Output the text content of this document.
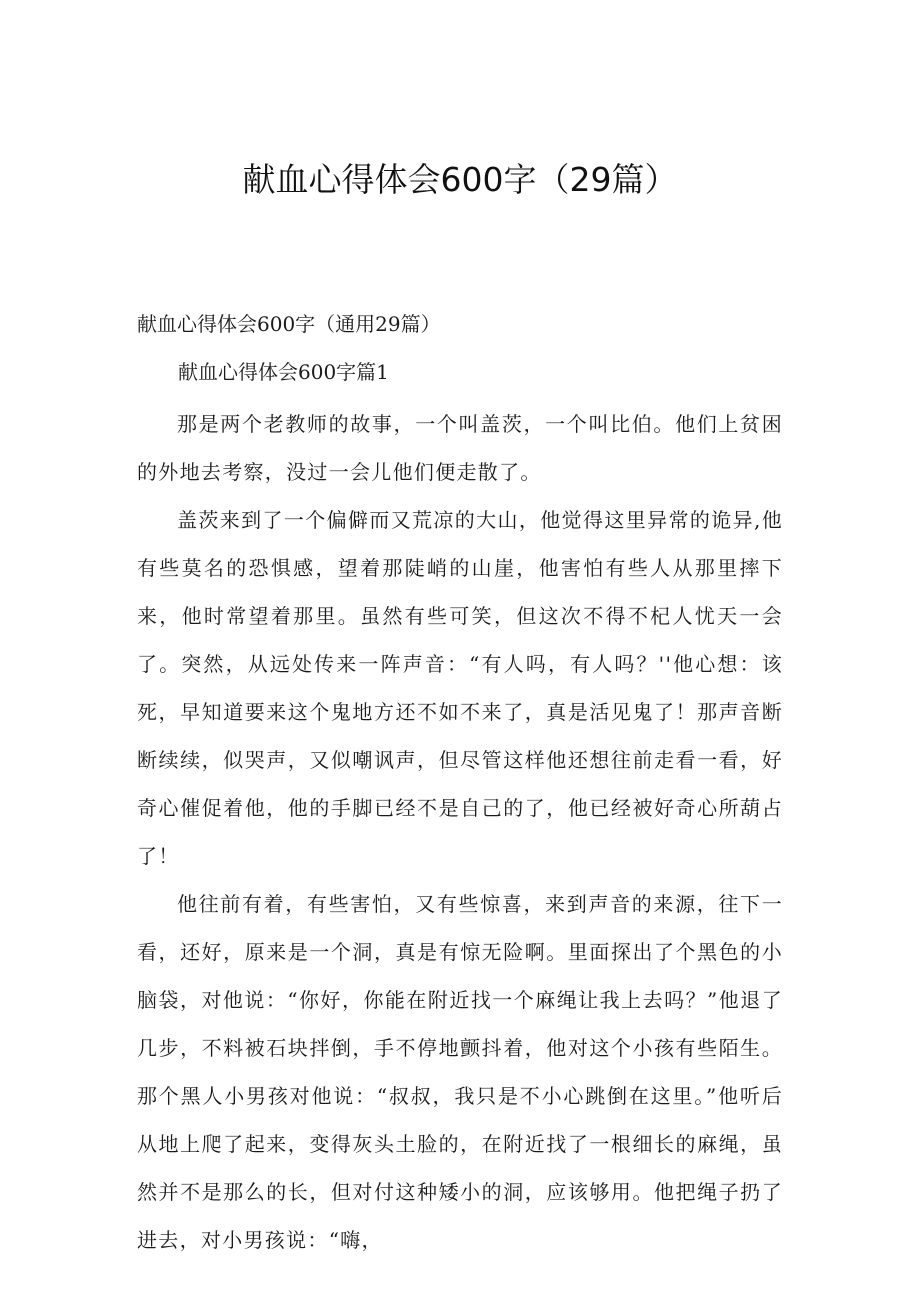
献血心得体会600字（29篇）
献血心得体会600字（通用29篇）
献血心得体会600字篇1

那是两个老教师的故事，一个叫盖茨，一个叫比伯。他们上贫困的外地去考察，没过一会儿他们便走散了。

盖茨来到了一个偏僻而又荒凉的大山，他觉得这里异常的诡异,他有些莫名的恐惧感，望着那陡峭的山崖，他害怕有些人从那里摔下来，他时常望着那里。虽然有些可笑，但这次不得不杞人忧天一会了。突然，从远处传来一阵声音：“有人吗，有人吗？''他心想：该死，早知道要来这个鬼地方还不如不来了，真是活见鬼了！那声音断断续续，似哭声，又似嘲讽声，但尽管这样他还想往前走看一看，好奇心催促着他，他的手脚已经不是自己的了，他已经被好奇心所葫占了！

他往前有着，有些害怕，又有些惊喜，来到声音的来源，往下一看，还好，原来是一个洞，真是有惊无险啊。里面探出了个黑色的小脑袋，对他说：“你好，你能在附近找一个麻绳让我上去吗？”他退了几步，不料被石块拌倒，手不停地颤抖着，他对这个小孩有些陌生。那个黑人小男孩对他说：“叔叔，我只是不小心跳倒在这里。”他听后从地上爬了起来，变得灰头土脸的，在附近找了一根细长的麻绳，虽然并不是那么的长，但对付这种矮小的洞，应该够用。他把绳子扔了进去，对小男孩说：“嗨，
